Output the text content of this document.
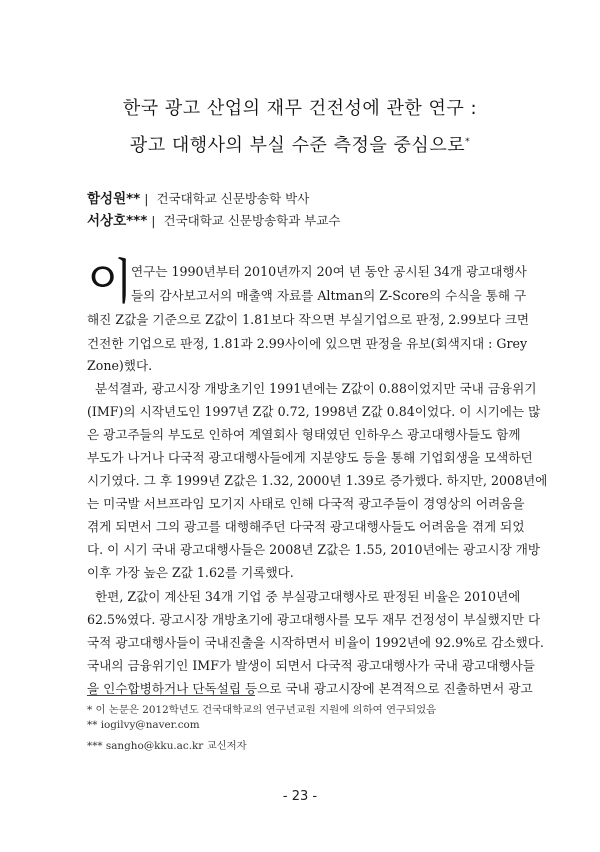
한국 광고 산업의 재무 건전성에 관한 연구 :
광고 대행사의 부실 수준 측정을 중심으로*
함성원** | 건국대학교 신문방송학 박사
서상호*** | 건국대학교 신문방송학과 부교수
이
연구는 1990년부터 2010년까지 20여 년 동안 공시된 34개 광고대행사
들의 감사보고서의 매출액 자료를 Altman의 Z-Score의 수식을 통해 구
해진 Z값을 기준으로 Z값이 1.81보다 작으면 부실기업으로 판정, 2.99보다 크면
건전한 기업으로 판정, 1.81과 2.99사이에 있으면 판정을 유보(회색지대 : Grey
Zone)했다.
분석결과, 광고시장 개방초기인 1991년에는 Z값이 0.88이었지만 국내 금융위기
(IMF)의 시작년도인 1997년 Z값 0.72, 1998년 Z값 0.84이었다. 이 시기에는 많
은 광고주들의 부도로 인하여 계열회사 형태였던 인하우스 광고대행사들도 함께
부도가 나거나 다국적 광고대행사들에게 지분양도 등을 통해 기업회생을 모색하던
시기였다. 그 후 1999년 Z값은 1.32, 2000년 1.39로 증가했다. 하지만, 2008년에
는 미국발 서브프라임 모기지 사태로 인해 다국적 광고주들이 경영상의 어려움을
겪게 되면서 그의 광고를 대행해주던 다국적 광고대행사들도 어려움을 겪게 되었
다. 이 시기 국내 광고대행사들은 2008년 Z값은 1.55, 2010년에는 광고시장 개방
이후 가장 높은 Z값 1.62를 기록했다.
한편, Z값이 계산된 34개 기업 중 부실광고대행사로 판정된 비율은 2010년에
62.5%였다. 광고시장 개방초기에 광고대행사를 모두 재무 건정성이 부실했지만 다
국적 광고대행사들이 국내진출을 시작하면서 비율이 1992년에 92.9%로 감소했다.
국내의 금융위기인 IMF가 발생이 되면서 다국적 광고대행사가 국내 광고대행사들
을 인수합병하거나 단독설립 등으로 국내 광고시장에 본격적으로 진출하면서 광고
* 이 논문은 2012학년도 건국대학교의 연구년교원 지원에 의하여 연구되었음
** iogilvy@naver.com
*** sangho@kku.ac.kr 교신저자
- 23 -
